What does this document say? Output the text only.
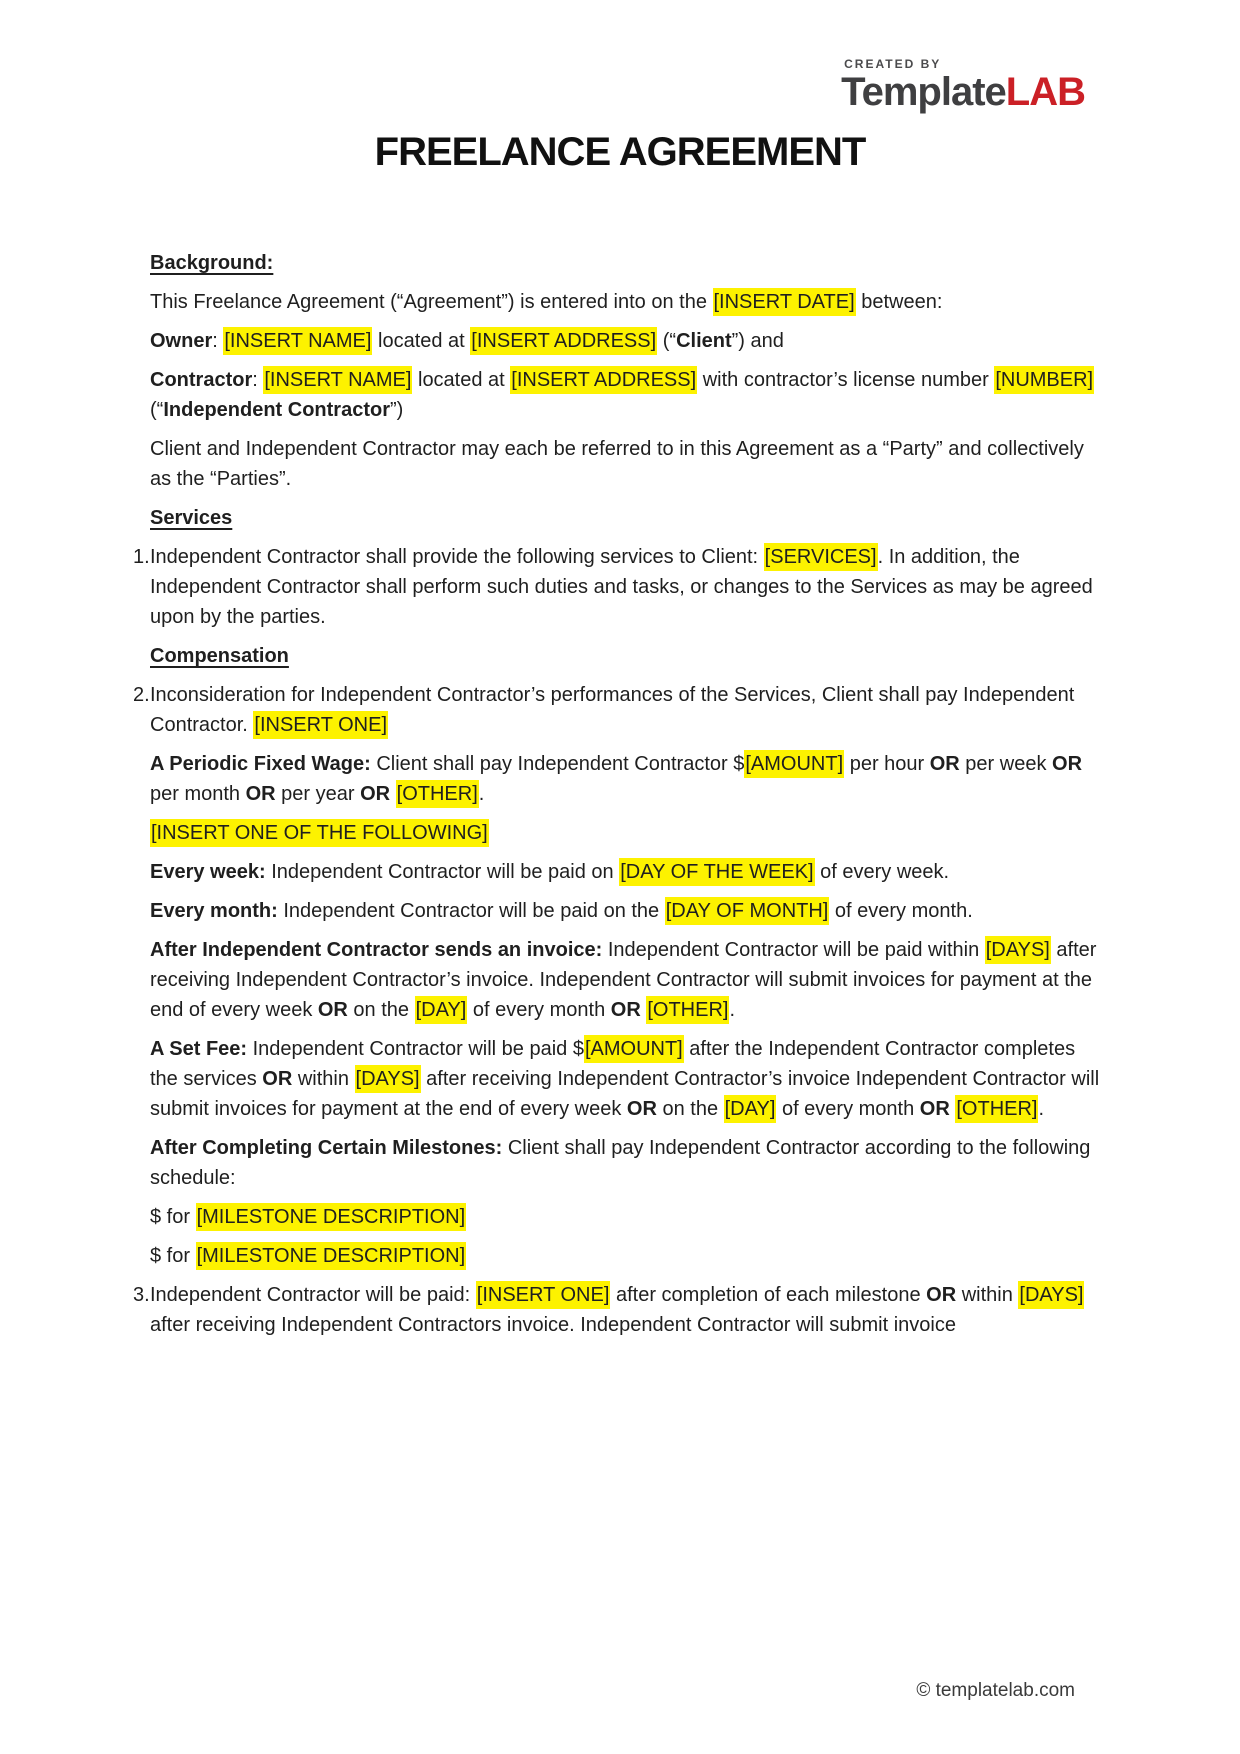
CREATED BY
TemplateLAB
FREELANCE AGREEMENT
Background:
This Freelance Agreement (“Agreement”) is entered into on the [INSERT DATE] between:
Owner: [INSERT NAME] located at [INSERT ADDRESS] (“Client”) and
Contractor: [INSERT NAME] located at [INSERT ADDRESS] with contractor’s license number [NUMBER] (“Independent Contractor”)
Client and Independent Contractor may each be referred to in this Agreement as a “Party” and collectively as the “Parties”.
Services
1. Independent Contractor shall provide the following services to Client: [SERVICES]. In addition, the Independent Contractor shall perform such duties and tasks, or changes to the Services as may be agreed upon by the parties.
Compensation
2. Inconsideration for Independent Contractor’s performances of the Services, Client shall pay Independent Contractor. [INSERT ONE]
A Periodic Fixed Wage: Client shall pay Independent Contractor $[AMOUNT] per hour OR per week OR per month OR per year OR [OTHER].
[INSERT ONE OF THE FOLLOWING]
Every week: Independent Contractor will be paid on [DAY OF THE WEEK] of every week.
Every month: Independent Contractor will be paid on the [DAY OF MONTH] of every month.
After Independent Contractor sends an invoice: Independent Contractor will be paid within [DAYS] after receiving Independent Contractor’s invoice. Independent Contractor will submit invoices for payment at the end of every week OR on the [DAY] of every month OR [OTHER].
A Set Fee: Independent Contractor will be paid $[AMOUNT] after the Independent Contractor completes the services OR within [DAYS] after receiving Independent Contractor’s invoice Independent Contractor will submit invoices for payment at the end of every week OR on the [DAY] of every month OR [OTHER].
After Completing Certain Milestones: Client shall pay Independent Contractor according to the following schedule:
$ for [MILESTONE DESCRIPTION]
$ for [MILESTONE DESCRIPTION]
3. Independent Contractor will be paid: [INSERT ONE] after completion of each milestone OR within [DAYS] after receiving Independent Contractors invoice. Independent Contractor will submit invoice
© templatelab.com
